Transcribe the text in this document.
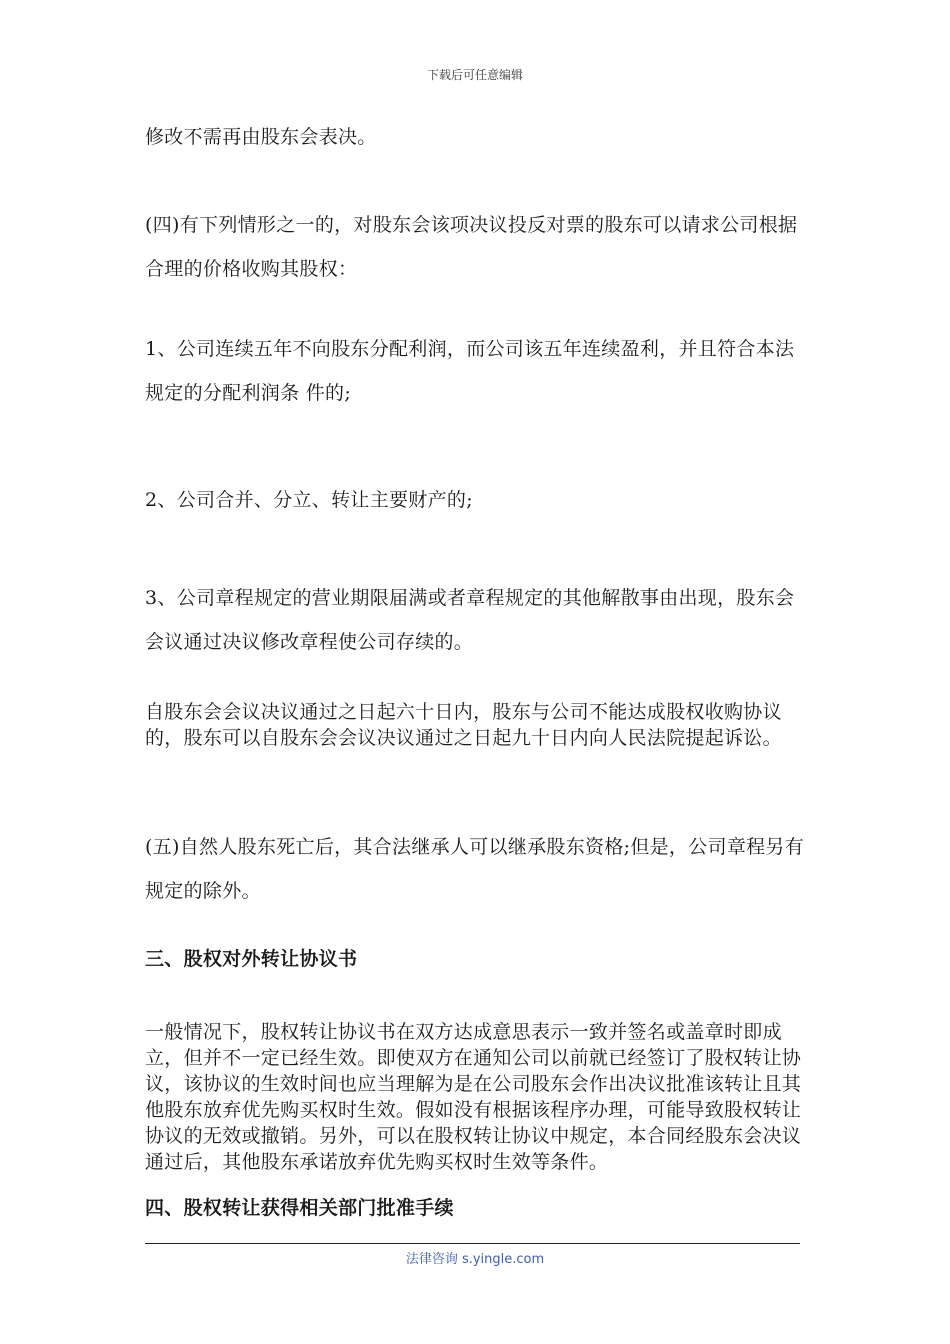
下载后可任意编辑

修改不需再由股东会表决。

(四)有下列情形之一的，对股东会该项决议投反对票的股东可以请求公司根据合理的价格收购其股权：

1、公司连续五年不向股东分配利润，而公司该五年连续盈利，并且符合本法规定的分配利润条 件的;

2、公司合并、分立、转让主要财产的;

3、公司章程规定的营业期限届满或者章程规定的其他解散事由出现，股东会会议通过决议修改章程使公司存续的。

自股东会会议决议通过之日起六十日内，股东与公司不能达成股权收购协议的，股东可以自股东会会议决议通过之日起九十日内向人民法院提起诉讼。

(五)自然人股东死亡后，其合法继承人可以继承股东资格;但是，公司章程另有规定的除外。

三、股权对外转让协议书

一般情况下，股权转让协议书在双方达成意思表示一致并签名或盖章时即成立，但并不一定已经生效。即使双方在通知公司以前就已经签订了股权转让协议，该协议的生效时间也应当理解为是在公司股东会作出决议批准该转让且其他股东放弃优先购买权时生效。假如没有根据该程序办理，可能导致股权转让协议的无效或撤销。另外，可以在股权转让协议中规定，本合同经股东会决议通过后，其他股东承诺放弃优先购买权时生效等条件。

四、股权转让获得相关部门批准手续

法律咨询 s.yingle.com
